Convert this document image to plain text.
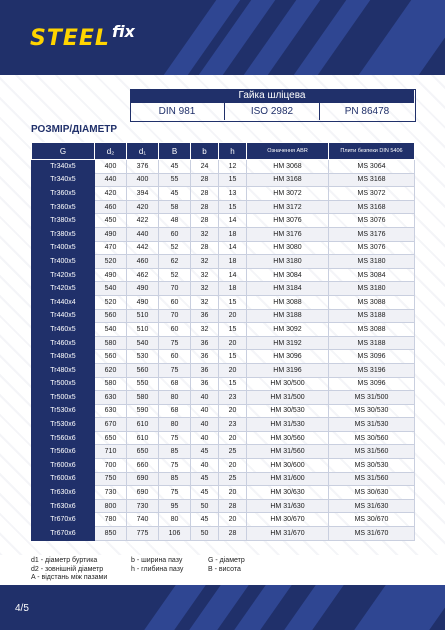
STEEL fix
Гайка шліцева
DIN 981	ISO 2982	PN 86478
РОЗМІР/ДІАМЕТР
G	d₂	d₁	B	b	h	Означення ABR	Плити безпеки DIN 5406
Tr340x5	400	376	45	24	12	HM 3068	MS 3064
Tr340x5	440	400	55	28	15	HM 3168	MS 3168
Tr360x5	420	394	45	28	13	HM 3072	MS 3072
Tr360x5	460	420	58	28	15	HM 3172	MS 3168
Tr380x5	450	422	48	28	14	HM 3076	MS 3076
Tr380x5	490	440	60	32	18	HM 3176	MS 3176
Tr400x5	470	442	52	28	14	HM 3080	MS 3076
Tr400x5	520	460	62	32	18	HM 3180	MS 3180
Tr420x5	490	462	52	32	14	HM 3084	MS 3084
Tr420x5	540	490	70	32	18	HM 3184	MS 3180
Tr440x4	520	490	60	32	15	HM 3088	MS 3088
Tr440x5	560	510	70	36	20	HM 3188	MS 3188
Tr460x5	540	510	60	32	15	HM 3092	MS 3088
Tr460x5	580	540	75	36	20	HM 3192	MS 3188
Tr480x5	560	530	60	36	15	HM 3096	MS 3096
Tr480x5	620	560	75	36	20	HM 3196	MS 3196
Tr500x5	580	550	68	36	15	HM 30/500	MS 3096
Tr500x5	630	580	80	40	23	HM 31/500	MS 31/500
Tr530x6	630	590	68	40	20	HM 30/530	MS 30/530
Tr530x6	670	610	80	40	23	HM 31/530	MS 31/530
Tr560x6	650	610	75	40	20	HM 30/560	MS 30/560
Tr560x6	710	650	85	45	25	HM 31/560	MS 31/560
Tr600x6	700	660	75	40	20	HM 30/600	MS 30/530
Tr600x6	750	690	85	45	25	HM 31/600	MS 31/560
Tr630x6	730	690	75	45	20	HM 30/630	MS 30/630
Tr630x6	800	730	95	50	28	HM 31/630	MS 31/630
Tr670x6	780	740	80	45	20	HM 30/670	MS 30/670
Tr670x6	850	775	106	50	28	HM 31/670	MS 31/670
d1 - діаметр буртика
d2 - зовнішній діаметр
A - відстань між пазами
b - ширина пазу
h - глибина пазу
G - діаметр
B - висота
4/5
